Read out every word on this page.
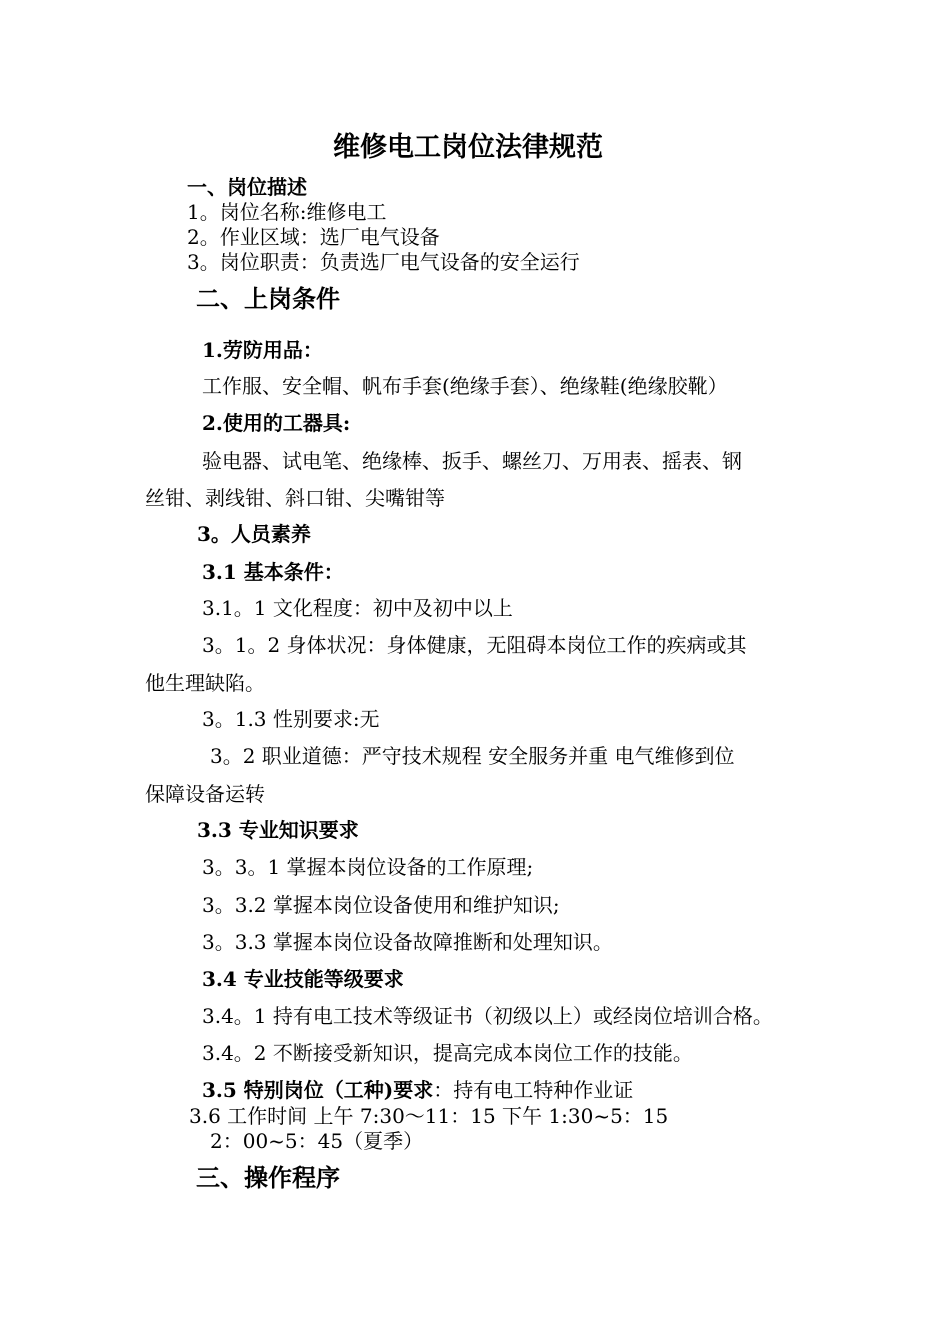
维修电工岗位法律规范
一、岗位描述
1。岗位名称:维修电工
2。作业区域：选厂电气设备
3。岗位职责：负责选厂电气设备的安全运行
二、上岗条件
1.劳防用品：
工作服、安全帽、帆布手套(绝缘手套）、绝缘鞋(绝缘胶靴）
2.使用的工器具:
验电器、试电笔、绝缘棒、扳手、螺丝刀、万用表、摇表、钢
丝钳、剥线钳、斜口钳、尖嘴钳等
3。人员素养
3.1 基本条件：
3.1。1 文化程度：初中及初中以上
3。1。2 身体状况：身体健康，无阻碍本岗位工作的疾病或其
他生理缺陷。
3。1.3 性别要求:无
3。2 职业道德：严守技术规程 安全服务并重 电气维修到位
保障设备运转
3.3 专业知识要求
3。3。1 掌握本岗位设备的工作原理;
3。3.2 掌握本岗位设备使用和维护知识;
3。3.3 掌握本岗位设备故障推断和处理知识。
3.4 专业技能等级要求
3.4。1 持有电工技术等级证书（初级以上）或经岗位培训合格。
3.4。2 不断接受新知识，提高完成本岗位工作的技能。
3.5 特别岗位（工种)要求：持有电工特种作业证
3.6 工作时间 上午 7:30～11：15 下午 1:30~5：15
2：00~5：45（夏季）
三、操作程序
